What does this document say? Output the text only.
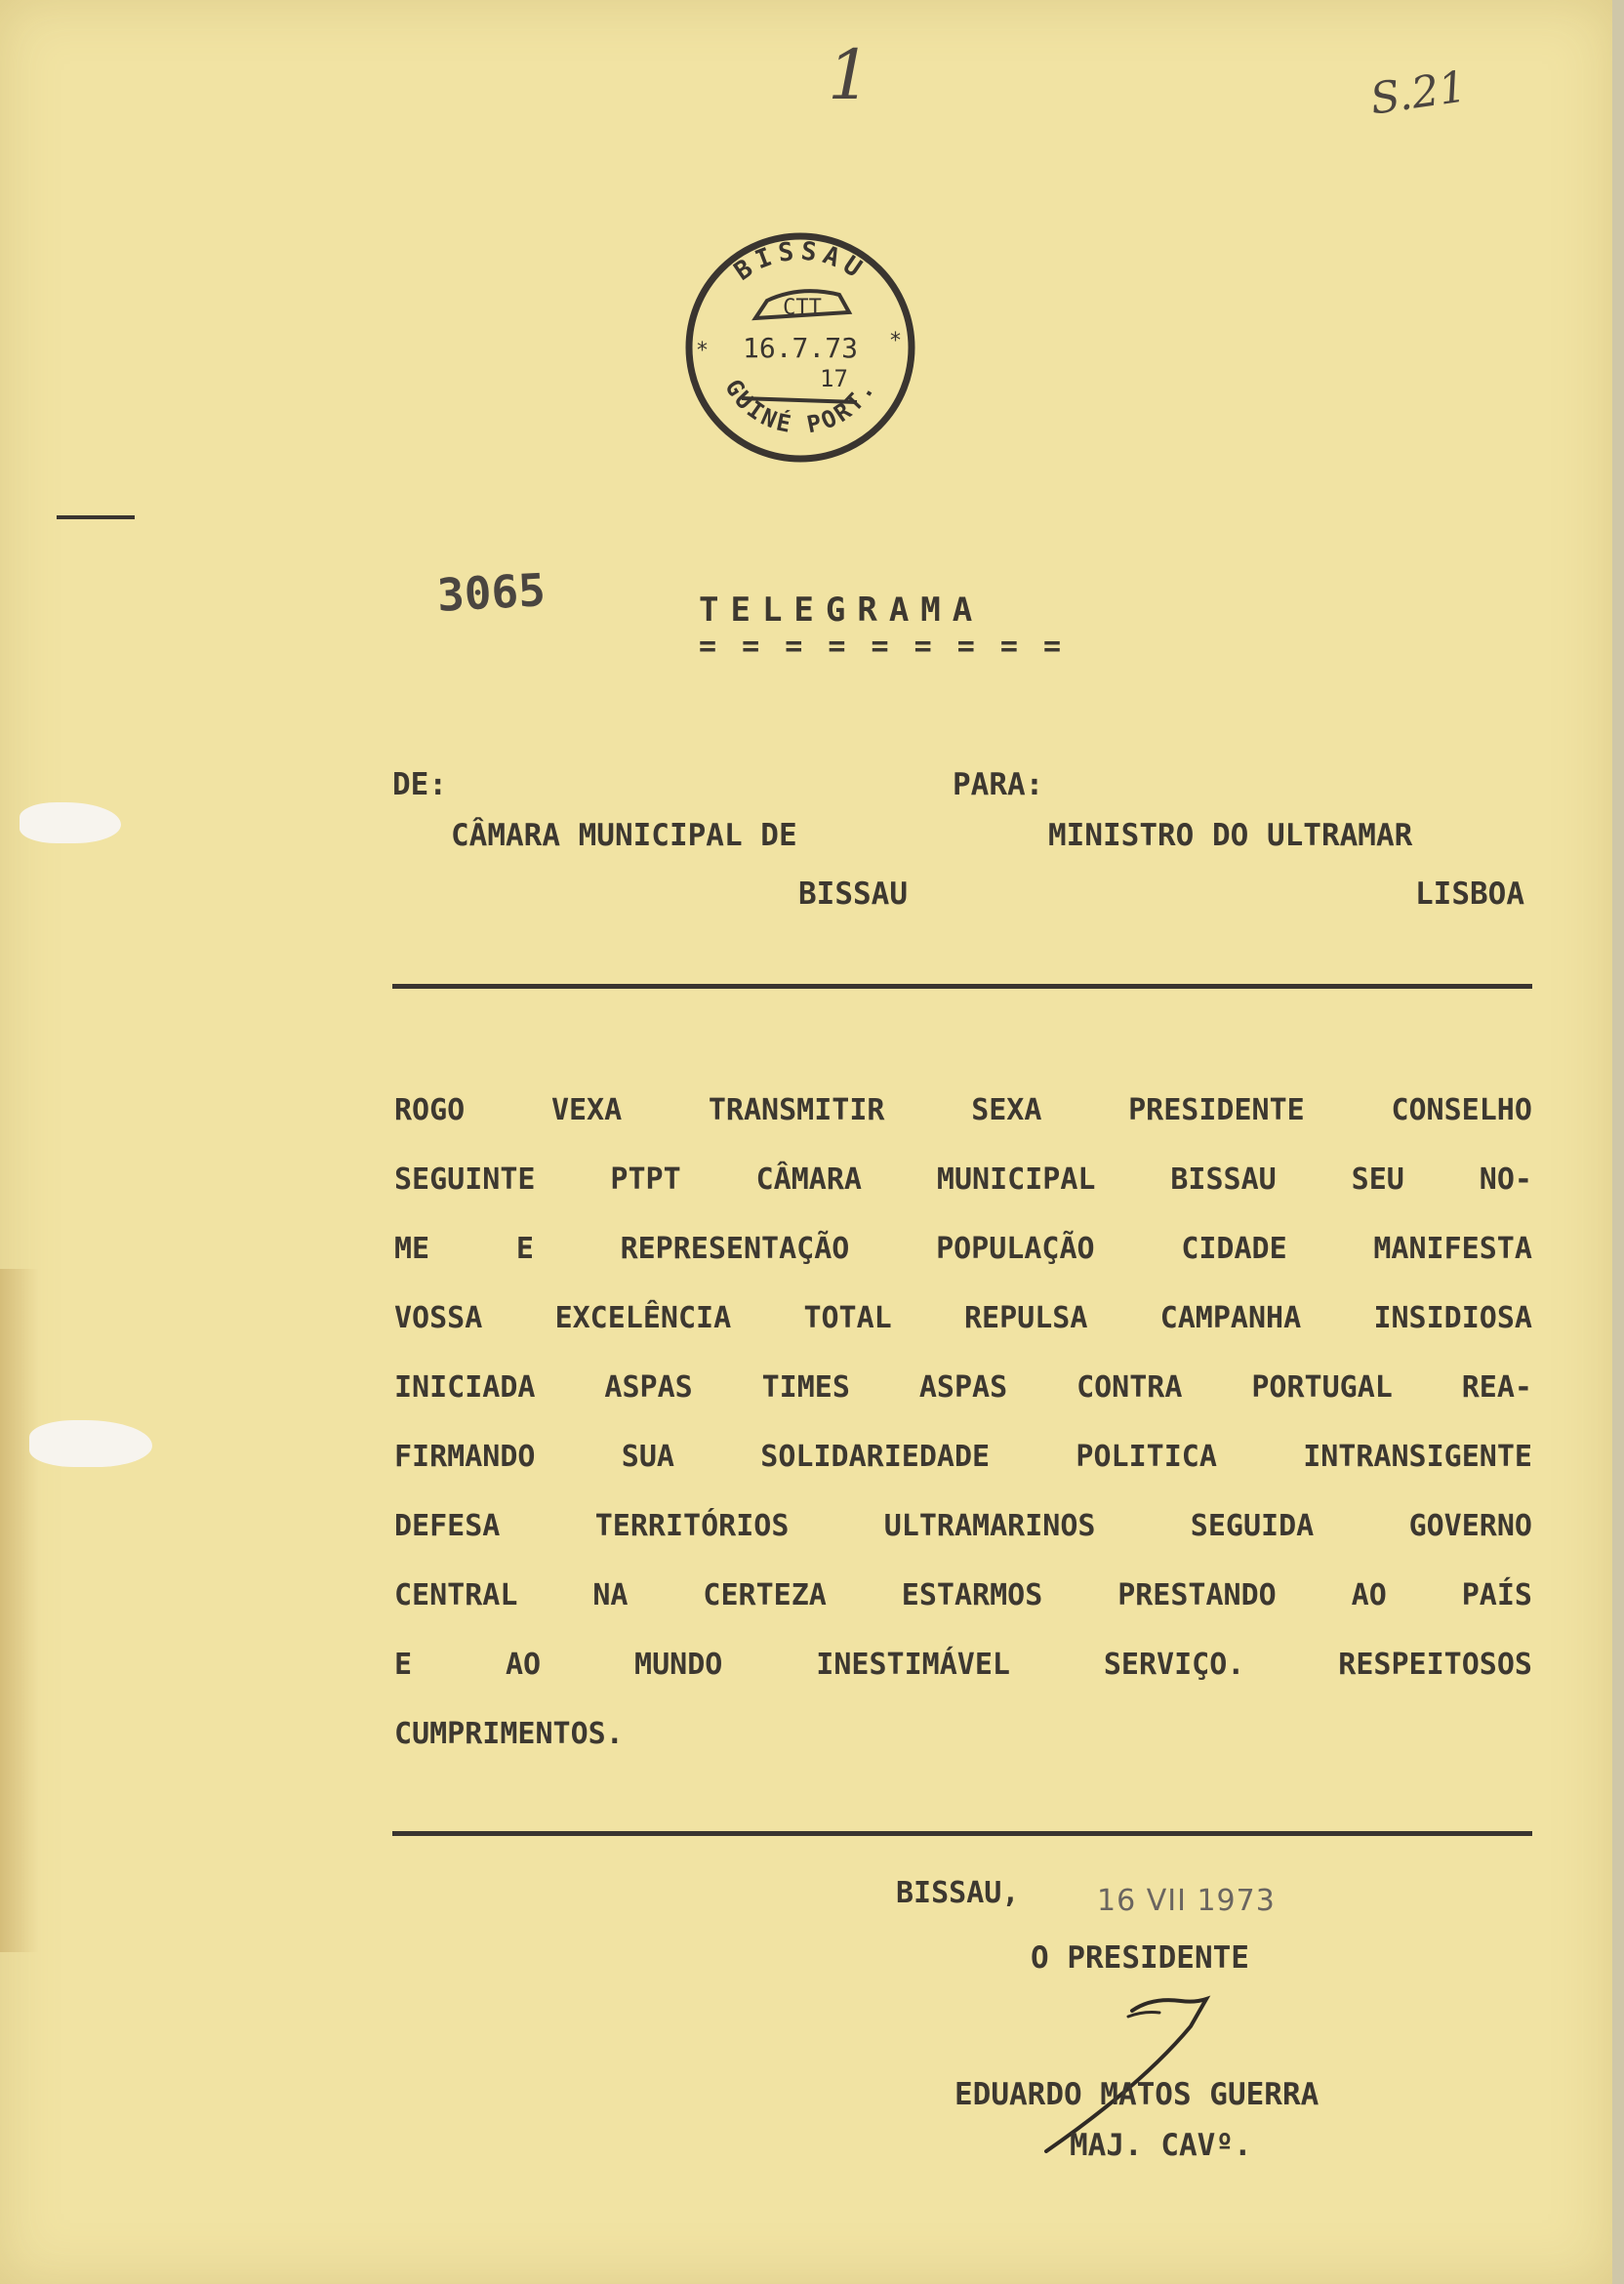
1	S.21
BISSAU
GUINÉ PORT.
CTT
16.7.73
*	*
17
3065	TELEGRAMA
= = = = = = = = =
DE:
CÂMARA MUNICIPAL DE
BISSAU
PARA:
MINISTRO DO ULTRAMAR
LISBOA
ROGO	VEXA	TRANSMITIR	SEXA	PRESIDENTE	CONSELHO
SEGUINTE	PTPT	CÂMARA	MUNICIPAL	BISSAU	SEU	NO-
ME	E	REPRESENTAÇÃO	POPULAÇÃO	CIDADE	MANIFESTA
VOSSA EXCELÊNCIA TOTAL REPULSA CAMPANHA INSIDIOSA
INICIADA ASPAS TIMES ASPAS CONTRA PORTUGAL REA-
FIRMANDO	SUA	SOLIDARIEDADE	POLITICA	INTRANSIGENTE
DEFESA	TERRITÓRIOS	ULTRAMARINOS	SEGUIDA	GOVERNO
CENTRAL	NA	CERTEZA	ESTARMOS	PRESTANDO	AO	PAÍS
E	AO	MUNDO	INESTIMÁVEL	SERVIÇO.	RESPEITOSOS
CUMPRIMENTOS.
BISSAU,	16 VII 1973
O PRESIDENTE
EDUARDO MATOS GUERRA
MAJ. CAVº.
